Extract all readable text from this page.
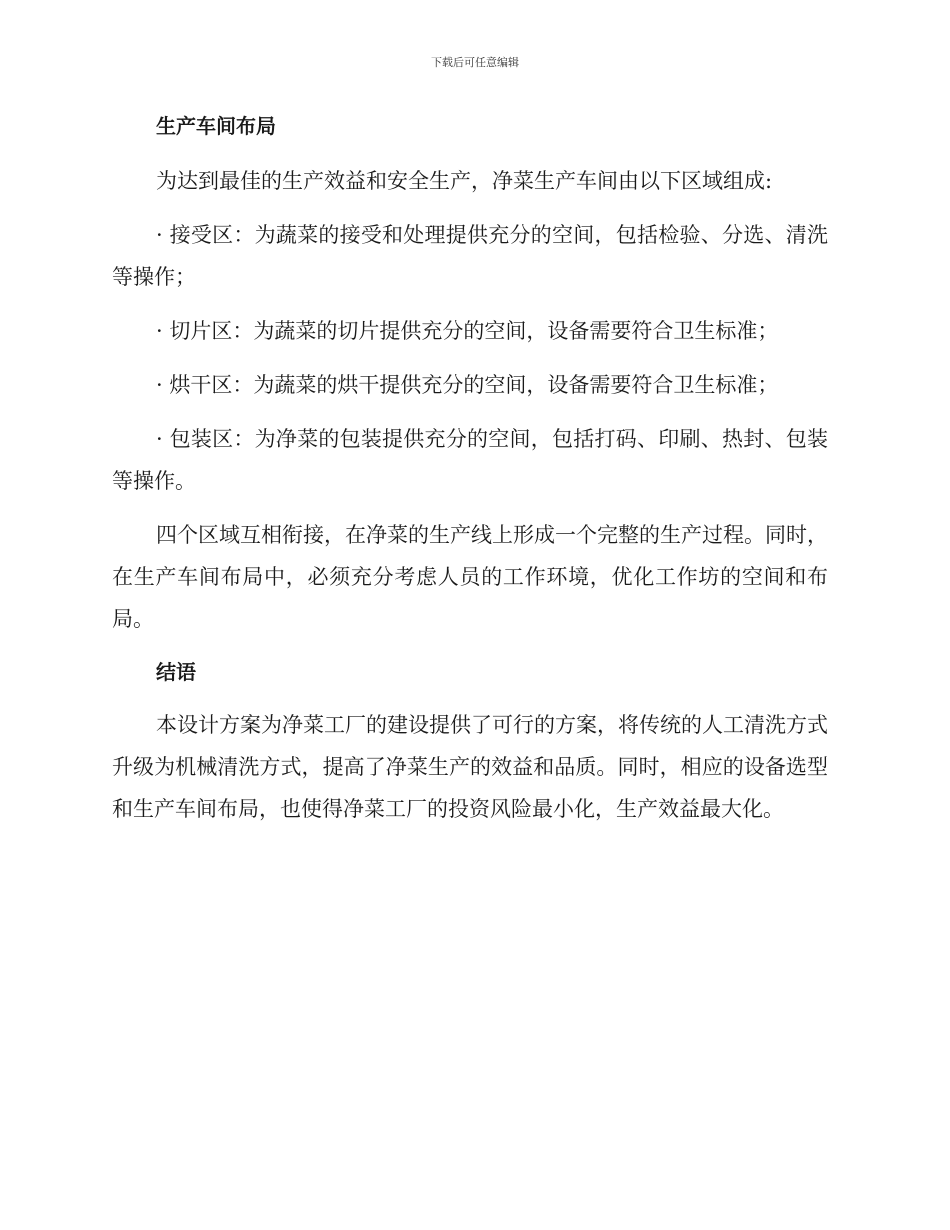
下载后可任意编辑
生产车间布局

为达到最佳的生产效益和安全生产，净菜生产车间由以下区域组成:

· 接受区：为蔬菜的接受和处理提供充分的空间，包括检验、分选、清洗等操作；

· 切片区：为蔬菜的切片提供充分的空间，设备需要符合卫生标准；

· 烘干区：为蔬菜的烘干提供充分的空间，设备需要符合卫生标准；

· 包装区：为净菜的包装提供充分的空间，包括打码、印刷、热封、包装等操作。

四个区域互相衔接，在净菜的生产线上形成一个完整的生产过程。同时，在生产车间布局中，必须充分考虑人员的工作环境，优化工作坊的空间和布局。

结语

本设计方案为净菜工厂的建设提供了可行的方案，将传统的人工清洗方式升级为机械清洗方式，提高了净菜生产的效益和品质。同时，相应的设备选型和生产车间布局，也使得净菜工厂的投资风险最小化，生产效益最大化。
